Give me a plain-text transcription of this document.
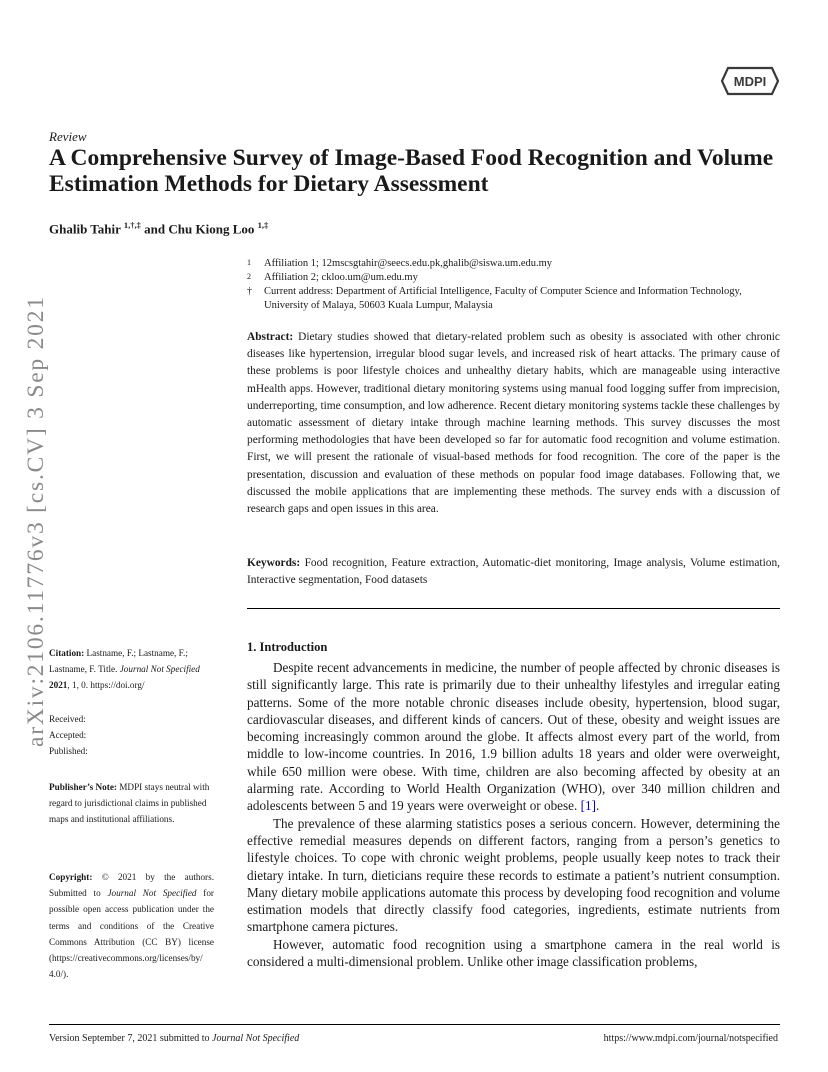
MDPI
Review
A Comprehensive Survey of Image-Based Food Recognition and Volume Estimation Methods for Dietary Assessment
Ghalib Tahir $^{1,\dagger,\ddagger}$ and Chu Kiong Loo $^{1,\ddagger}$
1	Affiliation 1; 12mscsgtahir@seecs.edu.pk,ghalib@siswa.um.edu.my
2	Affiliation 2; ckloo.um@um.edu.my
†	Current address: Department of Artificial Intelligence, Faculty of Computer Science and Information Technology, University of Malaya, 50603 Kuala Lumpur, Malaysia
Abstract: Dietary studies showed that dietary-related problem such as obesity is associated with other chronic diseases like hypertension, irregular blood sugar levels, and increased risk of heart attacks. The primary cause of these problems is poor lifestyle choices and unhealthy dietary habits, which are manageable using interactive mHealth apps. However, traditional dietary monitoring systems using manual food logging suffer from imprecision, underreporting, time consumption, and low adherence. Recent dietary monitoring systems tackle these challenges by automatic assessment of dietary intake through machine learning methods. This survey discusses the most performing methodologies that have been developed so far for automatic food recognition and volume estimation. First, we will present the rationale of visual-based methods for food recognition. The core of the paper is the presentation, discussion and evaluation of these methods on popular food image databases. Following that, we discussed the mobile applications that are implementing these methods. The survey ends with a discussion of research gaps and open issues in this area.
Keywords: Food recognition, Feature extraction, Automatic-diet monitoring, Image analysis, Volume estimation, Interactive segmentation, Food datasets
1. Introduction

Despite recent advancements in medicine, the number of people affected by chronic diseases is still significantly large. This rate is primarily due to their unhealthy lifestyles and irregular eating patterns. Some of the more notable chronic diseases include obesity, hypertension, blood sugar, cardiovascular diseases, and different kinds of cancers. Out of these, obesity and weight issues are becoming increasingly common around the globe. It affects almost every part of the world, from middle to low-income countries. In 2016, 1.9 billion adults 18 years and older were overweight, while 650 million were obese. With time, children are also becoming affected by obesity at an alarming rate. According to World Health Organization (WHO), over 340 million children and adolescents between 5 and 19 years were overweight or obese. [1].

The prevalence of these alarming statistics poses a serious concern. However, determining the effective remedial measures depends on different factors, ranging from a person’s genetics to lifestyle choices. To cope with chronic weight problems, people usually keep notes to track their dietary intake. In turn, dieticians require these records to estimate a patient’s nutrient consumption. Many dietary mobile applications automate this process by developing food recognition and volume estimation models that directly classify food categories, ingredients, estimate nutrients from smartphone camera pictures.

However, automatic food recognition using a smartphone camera in the real world is considered a multi-dimensional problem. Unlike other image classification problems,

arXiv:2106.11776v3 [cs.CV] 3 Sep 2021
Citation: Lastname, F.; Lastname, F.; Lastname, F. Title. Journal Not Specified
2021, 1, 0. https://doi.org/
Received:
Accepted:
Published:
Publisher’s Note: MDPI stays neutral with regard to jurisdictional claims in published maps and institutional affiliations.
Copyright: © 2021 by the authors. Submitted to Journal Not Specified for possible open access publication under the terms and conditions of the Creative Commons Attribution (CC BY) license (https://creativecommons.org/licenses/by/ 4.0/).
Version September 7, 2021 submitted to Journal Not Specified	https://www.mdpi.com/journal/notspecified
